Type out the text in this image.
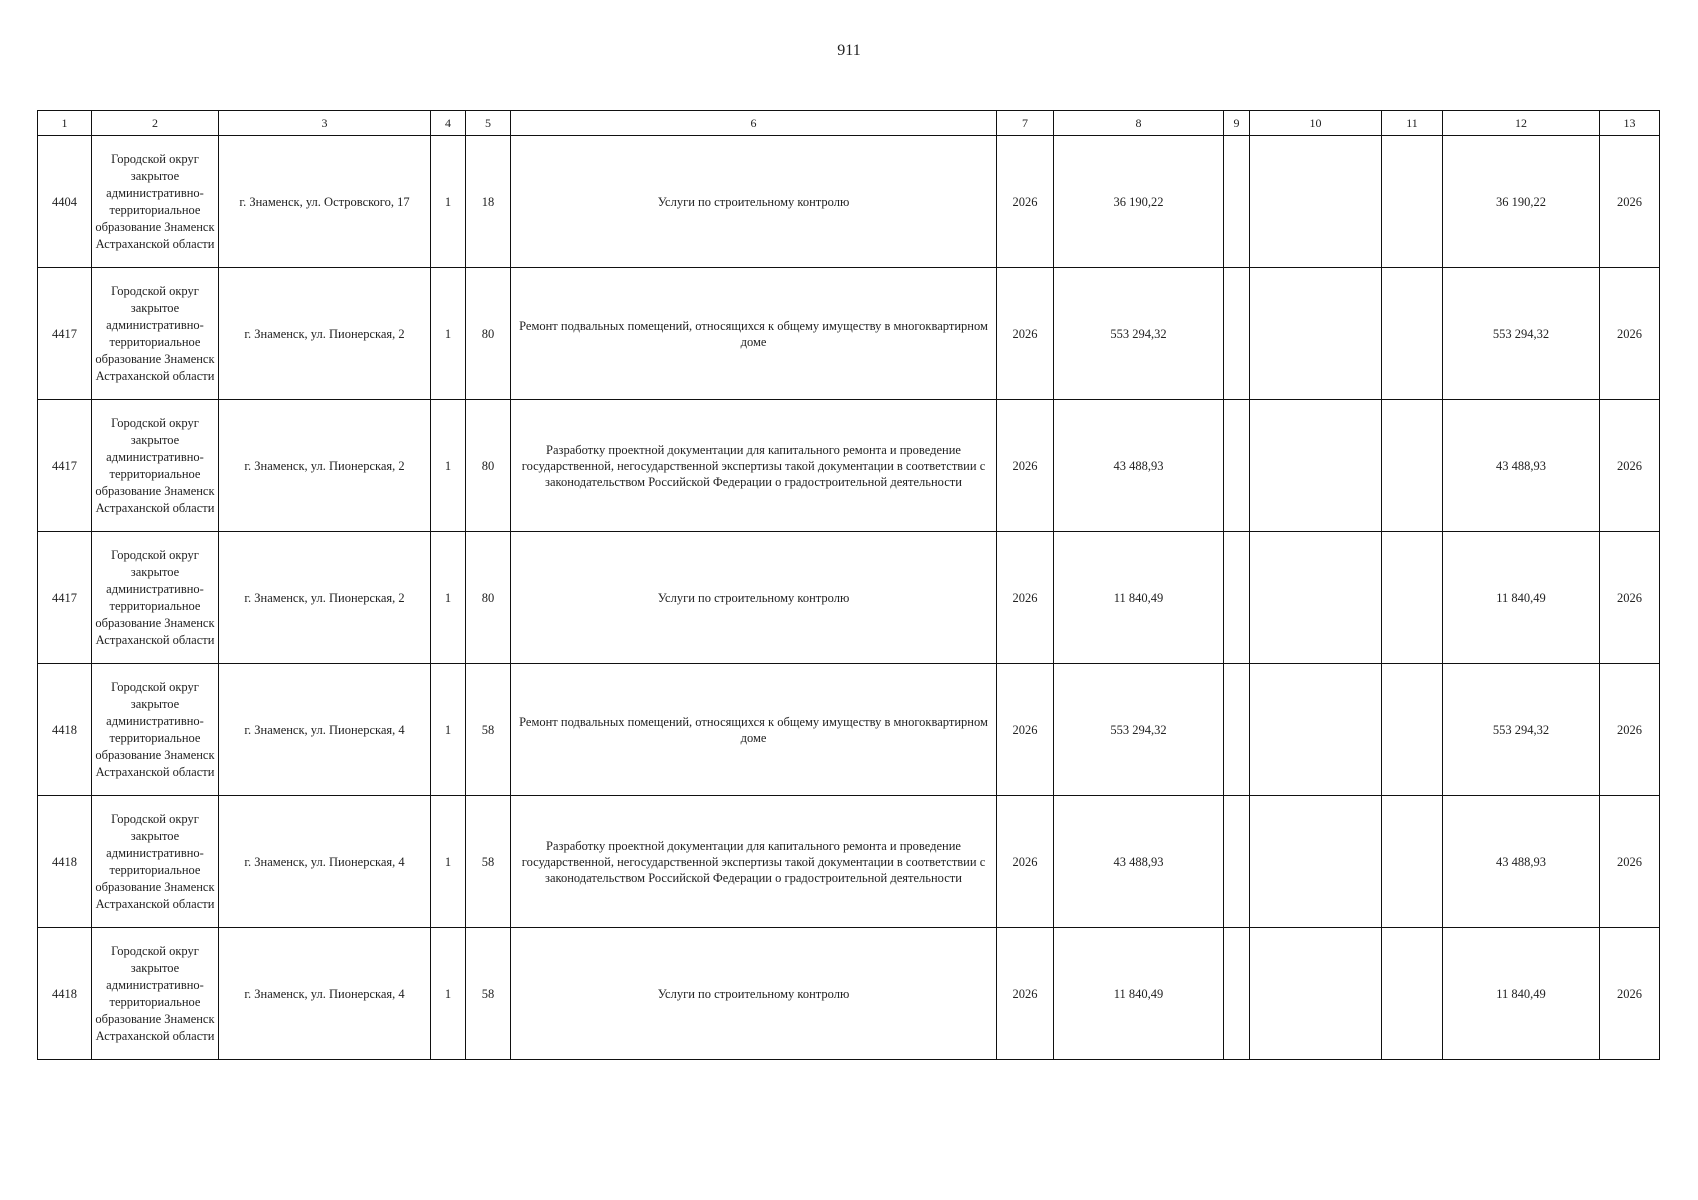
911
1	2	3	4	5	6	7	8	9	10	11	12	13
4404	Городской округ закрытое административно-территориальное образование Знаменск Астраханской области	г. Знаменск, ул. Островского, 17	1	18	Услуги по строительному контролю	2026	36 190,22				36 190,22	2026
4417	Городской округ закрытое административно-территориальное образование Знаменск Астраханской области	г. Знаменск, ул. Пионерская, 2	1	80	Ремонт подвальных помещений, относящихся к общему имуществу в многоквартирном доме	2026	553 294,32				553 294,32	2026
4417	Городской округ закрытое административно-территориальное образование Знаменск Астраханской области	г. Знаменск, ул. Пионерская, 2	1	80	Разработку проектной документации для капитального ремонта и проведение государственной, негосударственной экспертизы такой документации в соответствии с законодательством Российской Федерации о градостроительной деятельности	2026	43 488,93				43 488,93	2026
4417	Городской округ закрытое административно-территориальное образование Знаменск Астраханской области	г. Знаменск, ул. Пионерская, 2	1	80	Услуги по строительному контролю	2026	11 840,49				11 840,49	2026
4418	Городской округ закрытое административно-территориальное образование Знаменск Астраханской области	г. Знаменск, ул. Пионерская, 4	1	58	Ремонт подвальных помещений, относящихся к общему имуществу в многоквартирном доме	2026	553 294,32				553 294,32	2026
4418	Городской округ закрытое административно-территориальное образование Знаменск Астраханской области	г. Знаменск, ул. Пионерская, 4	1	58	Разработку проектной документации для капитального ремонта и проведение государственной, негосударственной экспертизы такой документации в соответствии с законодательством Российской Федерации о градостроительной деятельности	2026	43 488,93				43 488,93	2026
4418	Городской округ закрытое административно-территориальное образование Знаменск Астраханской области	г. Знаменск, ул. Пионерская, 4	1	58	Услуги по строительному контролю	2026	11 840,49				11 840,49	2026
